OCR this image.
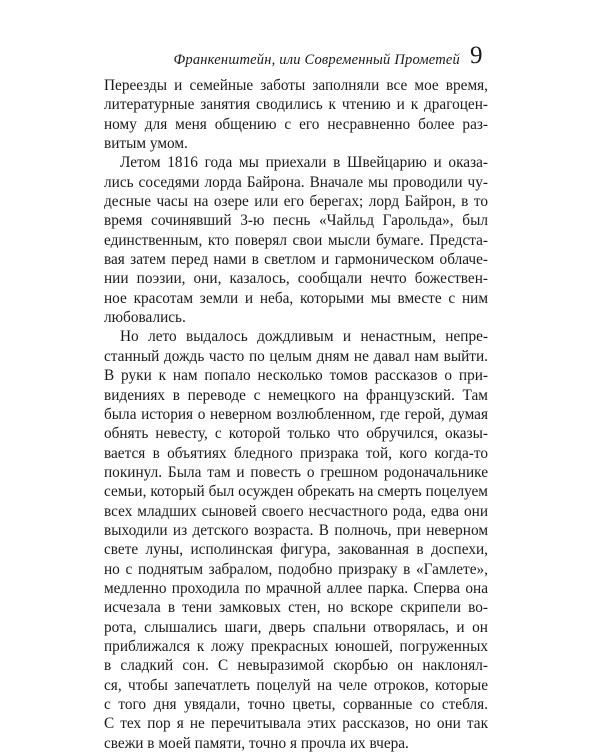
Франкенштейн, или Современный Прометей 9
Переезды и семейные заботы заполняли все мое время,
литературные занятия сводились к чтению и к драгоцен-
ному для меня общению с его несравненно более раз-
витым умом.
Летом 1816 года мы приехали в Швейцарию и оказа-
лись соседями лорда Байрона. Вначале мы проводили чу-
десные часы на озере или его берегах; лорд Байрон, в то
время сочинявший 3-ю песнь «Чайльд Гарольда», был
единственным, кто поверял свои мысли бумаге. Предста-
вая затем перед нами в светлом и гармоническом облаче-
нии поэзии, они, казалось, сообщали нечто божествен-
ное красотам земли и неба, которыми мы вместе с ним
любовались.
Но лето выдалось дождливым и ненастным, непре-
станный дождь часто по целым дням не давал нам выйти.
В руки к нам попало несколько томов рассказов о при-
видениях в переводе с немецкого на французский. Там
была история о неверном возлюбленном, где герой, думая
обнять невесту, с которой только что обручился, оказы-
вается в объятиях бледного призрака той, кого когда-то
покинул. Была там и повесть о грешном родоначальнике
семьи, который был осужден обрекать на смерть поцелуем
всех младших сыновей своего несчастного рода, едва они
выходили из детского возраста. В полночь, при неверном
свете луны, исполинская фигура, закованная в доспехи,
но с поднятым забралом, подобно призраку в «Гамлете»,
медленно проходила по мрачной аллее парка. Сперва она
исчезала в тени замковых стен, но вскоре скрипели во-
рота, слышались шаги, дверь спальни отворялась, и он
приближался к ложу прекрасных юношей, погруженных
в сладкий сон. С невыразимой скорбью он наклонял-
ся, чтобы запечатлеть поцелуй на челе отроков, которые
с того дня увядали, точно цветы, сорванные со стебля.
С тех пор я не перечитывала этих рассказов, но они так
свежи в моей памяти, точно я прочла их вчера.
